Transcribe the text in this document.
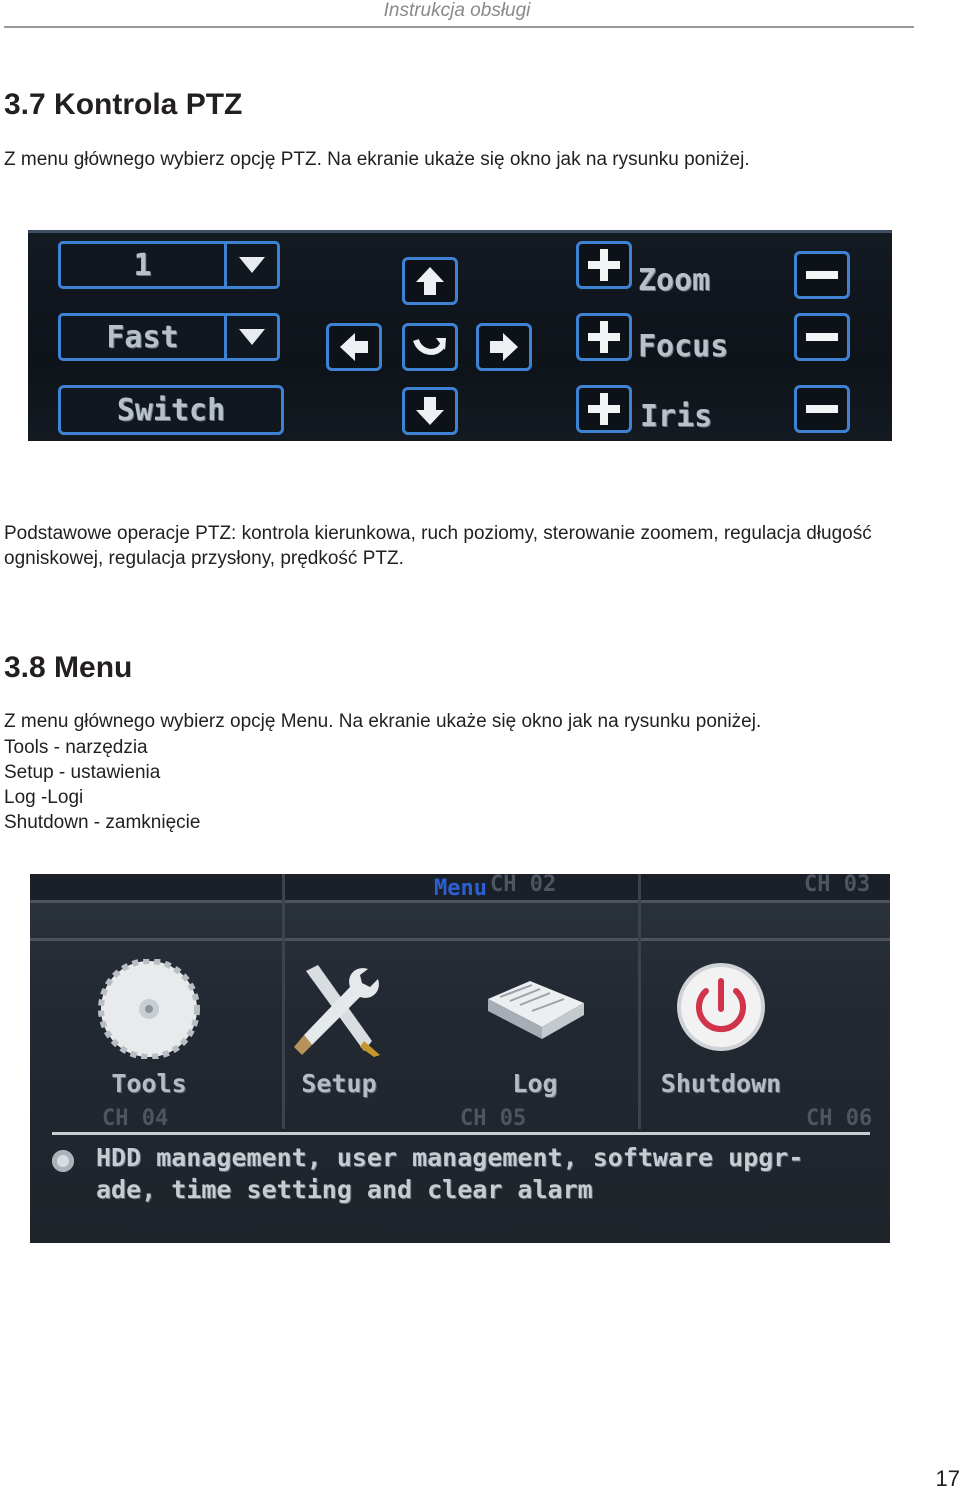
Instrukcja obsługi
3.7 Kontrola PTZ

Z menu głównego wybierz opcję PTZ. Na ekranie ukaże się okno jak na rysunku poniżej.

1
Fast
Switch
Zoom
Focus
Iris

Podstawowe operacje PTZ: kontrola kierunkowa, ruch poziomy, sterowanie zoomem, regulacja długość ogniskowej, regulacja przysłony, prędkość PTZ.

3.8 Menu

Z menu głównego wybierz opcję Menu. Na ekranie ukaże się okno jak na rysunku poniżej.

Tools - narzędzia

Setup - ustawienia

Log -Logi

Shutdown - zamknięcie

CH 02	CH 03
CH 04	CH 05	CH 06
Menu
Tools	Setup	Log	Shutdown
HDD management, user management, software upgr- ade, time setting and clear alarm
17
